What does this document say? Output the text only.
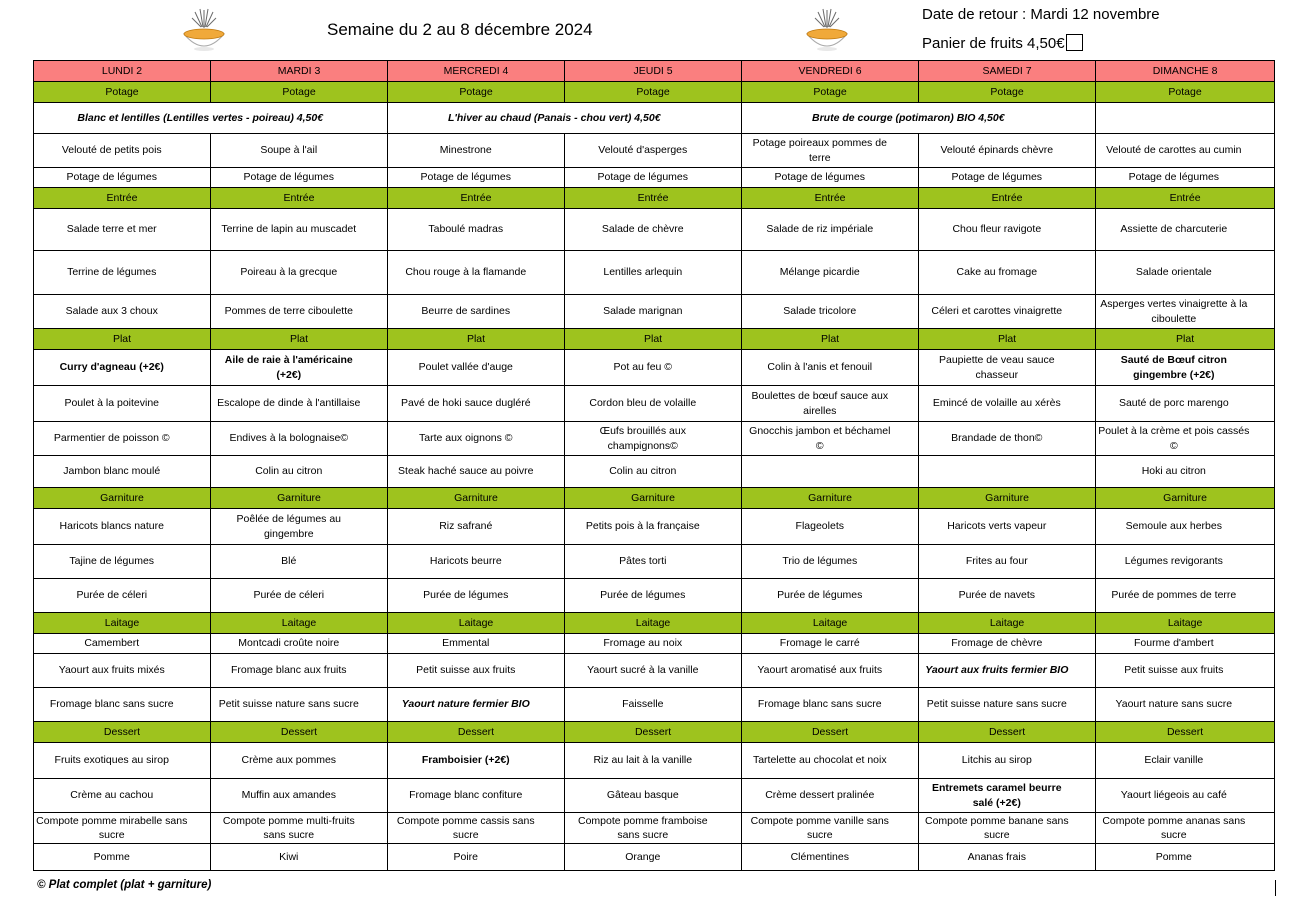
Semaine du 2 au 8 décembre 2024
Date de retour : Mardi 12 novembre
Panier de fruits 4,50€
LUNDI 2		MARDI 3		MERCREDI 4		JEUDI 5		VENDREDI 6		SAMEDI 7		DIMANCHE 8	
Potage		Potage		Potage		Potage		Potage		Potage		Potage	
Blanc et lentilles (Lentilles vertes - poireau) 4,50€				L'hiver au chaud (Panais - chou vert) 4,50€				Brute de courge (potimaron) BIO 4,50€					
Velouté de petits pois		Soupe à l'ail		Minestrone		Velouté d'asperges		Potage poireaux pommes de terre		Velouté épinards chèvre		Velouté de carottes au cumin	
Potage de légumes		Potage de légumes		Potage de légumes		Potage de légumes		Potage de légumes		Potage de légumes		Potage de légumes	
Entrée		Entrée		Entrée		Entrée		Entrée		Entrée		Entrée	
Salade terre et mer		Terrine de lapin au muscadet		Taboulé madras		Salade de chèvre		Salade de riz impériale		Chou fleur ravigote		Assiette de charcuterie	
Terrine de légumes		Poireau à la grecque		Chou rouge à la flamande		Lentilles arlequin		Mélange picardie		Cake au fromage		Salade orientale	
Salade aux 3 choux		Pommes de terre ciboulette		Beurre de sardines		Salade marignan		Salade tricolore		Céleri et carottes vinaigrette		Asperges vertes vinaigrette à la ciboulette	
Plat		Plat		Plat		Plat		Plat		Plat		Plat	
Curry d'agneau (+2€)		Aile de raie à l'américaine (+2€)		Poulet vallée d'auge		Pot au feu ©		Colin à l'anis et fenouil		Paupiette de veau sauce chasseur		Sauté de Bœuf citron gingembre (+2€)	
Poulet à la poitevine		Escalope de dinde à l'antillaise		Pavé de hoki sauce dugléré		Cordon bleu de volaille		Boulettes de bœuf sauce aux airelles		Emincé de volaille au xérès		Sauté de porc marengo	
Parmentier de poisson ©		Endives à la bolognaise©		Tarte aux oignons ©		Œufs brouillés aux champignons©		Gnocchis jambon et béchamel ©		Brandade de thon©		Poulet à la crème et pois cassés ©	
Jambon blanc moulé		Colin au citron		Steak haché sauce au poivre		Colin au citron						Hoki au citron	
Garniture		Garniture		Garniture		Garniture		Garniture		Garniture		Garniture	
Haricots blancs nature		Poêlée de légumes au gingembre		Riz safrané		Petits pois à la française		Flageolets		Haricots verts vapeur		Semoule aux herbes	
Tajine de légumes		Blé		Haricots beurre		Pâtes torti		Trio de légumes		Frites au four		Légumes revigorants	
Purée de céleri		Purée de céleri		Purée de légumes		Purée de légumes		Purée de légumes		Purée de navets		Purée de pommes de terre	
Laitage		Laitage		Laitage		Laitage		Laitage		Laitage		Laitage	
Camembert		Montcadi croûte noire		Emmental		Fromage au noix		Fromage le carré		Fromage de chèvre		Fourme d'ambert	
Yaourt aux fruits mixés		Fromage blanc aux fruits		Petit suisse aux fruits		Yaourt sucré à la vanille		Yaourt aromatisé aux fruits		Yaourt aux fruits fermier BIO		Petit suisse aux fruits	
Fromage blanc sans sucre		Petit suisse nature sans sucre		Yaourt nature fermier BIO		Faisselle		Fromage blanc sans sucre		Petit suisse nature sans sucre		Yaourt nature sans sucre	
Dessert		Dessert		Dessert		Dessert		Dessert		Dessert		Dessert	
Fruits exotiques au sirop		Crème aux pommes		Framboisier (+2€)		Riz au lait à la vanille		Tartelette au chocolat et noix		Litchis au sirop		Eclair vanille	
Crème au cachou		Muffin aux amandes		Fromage blanc confiture		Gâteau basque		Crème dessert pralinée		Entremets caramel beurre salé (+2€)		Yaourt liégeois au café	
Compote pomme mirabelle sans sucre		Compote pomme multi-fruits sans sucre		Compote pomme cassis sans sucre		Compote pomme framboise sans sucre		Compote pomme vanille sans sucre		Compote pomme banane sans sucre		Compote pomme ananas sans sucre	
Pomme		Kiwi		Poire		Orange		Clémentines		Ananas frais		Pomme	
© Plat complet (plat + garniture)
